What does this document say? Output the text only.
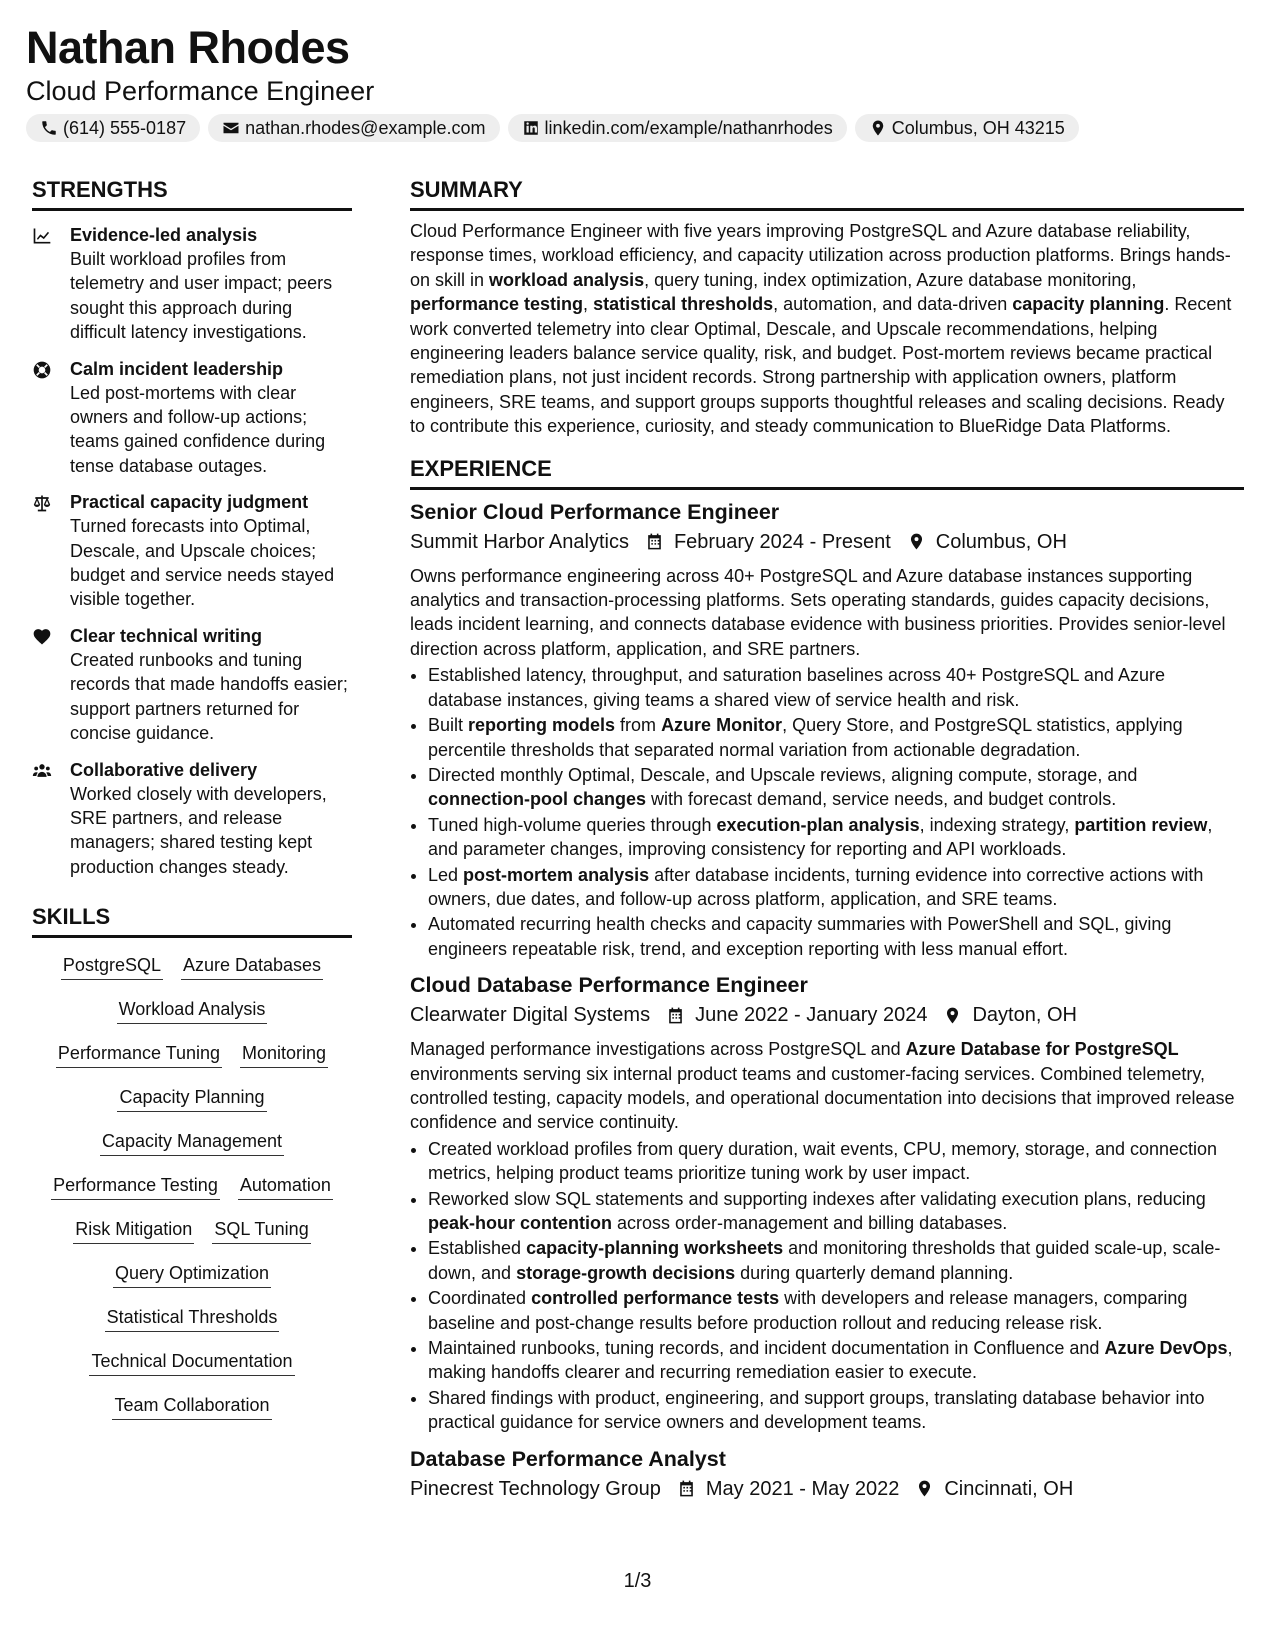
Nathan Rhodes
Cloud Performance Engineer
(614) 555-0187	nathan.rhodes@example.com	linkedin.com/example/nathanrhodes	Columbus, OH 43215
STRENGTHS
Evidence-led analysis
Built workload profiles from telemetry and user impact; peers sought this approach during difficult latency investigations.
Calm incident leadership
Led post-mortems with clear owners and follow-up actions; teams gained confidence during tense database outages.
Practical capacity judgment
Turned forecasts into Optimal, Descale, and Upscale choices; budget and service needs stayed visible together.
Clear technical writing
Created runbooks and tuning records that made handoffs easier; support partners returned for concise guidance.
Collaborative delivery
Worked closely with developers, SRE partners, and release managers; shared testing kept production changes steady.
SKILLS
PostgreSQL Azure Databases
Workload Analysis
Performance Tuning Monitoring
Capacity Planning
Capacity Management
Performance Testing Automation
Risk Mitigation SQL Tuning
Query Optimization
Statistical Thresholds
Technical Documentation
Team Collaboration
SUMMARY
Cloud Performance Engineer with five years improving PostgreSQL and Azure database reliability, response times, workload efficiency, and capacity utilization across production platforms. Brings hands-on skill in workload analysis, query tuning, index optimization, Azure database monitoring, performance testing, statistical thresholds, automation, and data-driven capacity planning. Recent work converted telemetry into clear Optimal, Descale, and Upscale recommendations, helping engineering leaders balance service quality, risk, and budget. Post-mortem reviews became practical remediation plans, not just incident records. Strong partnership with application owners, platform engineers, SRE teams, and support groups supports thoughtful releases and scaling decisions. Ready to contribute this experience, curiosity, and steady communication to BlueRidge Data Platforms.
EXPERIENCE
Senior Cloud Performance Engineer
Summit Harbor Analytics February 2024 - Present Columbus, OH
Owns performance engineering across 40+ PostgreSQL and Azure database instances supporting analytics and transaction-processing platforms. Sets operating standards, guides capacity decisions, leads incident learning, and connects database evidence with business priorities. Provides senior-level direction across platform, application, and SRE partners.
• Established latency, throughput, and saturation baselines across 40+ PostgreSQL and Azure database instances, giving teams a shared view of service health and risk.
• Built reporting models from Azure Monitor, Query Store, and PostgreSQL statistics, applying percentile thresholds that separated normal variation from actionable degradation.
• Directed monthly Optimal, Descale, and Upscale reviews, aligning compute, storage, and connection-pool changes with forecast demand, service needs, and budget controls.
• Tuned high-volume queries through execution-plan analysis, indexing strategy, partition review, and parameter changes, improving consistency for reporting and API workloads.
• Led post-mortem analysis after database incidents, turning evidence into corrective actions with owners, due dates, and follow-up across platform, application, and SRE teams.
• Automated recurring health checks and capacity summaries with PowerShell and SQL, giving engineers repeatable risk, trend, and exception reporting with less manual effort.
Cloud Database Performance Engineer
Clearwater Digital Systems June 2022 - January 2024 Dayton, OH
Managed performance investigations across PostgreSQL and Azure Database for PostgreSQL environments serving six internal product teams and customer-facing services. Combined telemetry, controlled testing, capacity models, and operational documentation into decisions that improved release confidence and service continuity.
• Created workload profiles from query duration, wait events, CPU, memory, storage, and connection metrics, helping product teams prioritize tuning work by user impact.
• Reworked slow SQL statements and supporting indexes after validating execution plans, reducing peak-hour contention across order-management and billing databases.
• Established capacity-planning worksheets and monitoring thresholds that guided scale-up, scale-down, and storage-growth decisions during quarterly demand planning.
• Coordinated controlled performance tests with developers and release managers, comparing baseline and post-change results before production rollout and reducing release risk.
• Maintained runbooks, tuning records, and incident documentation in Confluence and Azure DevOps, making handoffs clearer and recurring remediation easier to execute.
• Shared findings with product, engineering, and support groups, translating database behavior into practical guidance for service owners and development teams.
Database Performance Analyst
Pinecrest Technology Group May 2021 - May 2022 Cincinnati, OH
1/3
